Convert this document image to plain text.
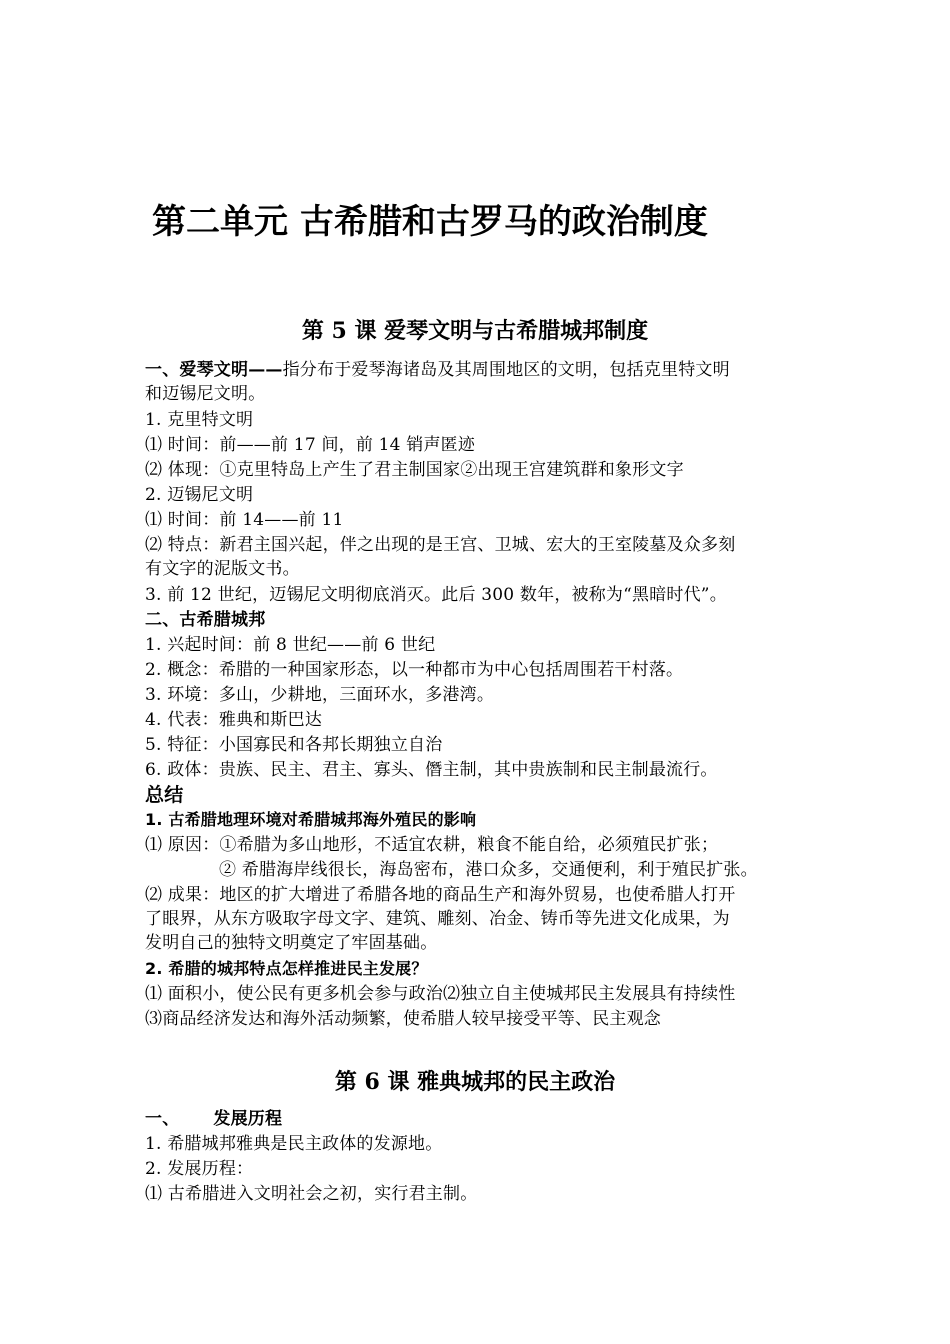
第二单元 古希腊和古罗马的政治制度
第 5 课 爱琴文明与古希腊城邦制度

一、爱琴文明——指分布于爱琴海诸岛及其周围地区的文明，包括克里特文明

和迈锡尼文明。

1. 克里特文明

⑴ 时间：前——前 17 间，前 14 销声匿迹

⑵ 体现：①克里特岛上产生了君主制国家②出现王宫建筑群和象形文字

2. 迈锡尼文明

⑴ 时间：前 14——前 11

⑵ 特点：新君主国兴起，伴之出现的是王宫、卫城、宏大的王室陵墓及众多刻

有文字的泥版文书。

3. 前 12 世纪，迈锡尼文明彻底消灭。此后 300 数年，被称为“黑暗时代”。

二、古希腊城邦

1. 兴起时间：前 8 世纪——前 6 世纪

2. 概念：希腊的一种国家形态，以一种都市为中心包括周围若干村落。

3. 环境：多山，少耕地，三面环水，多港湾。

4. 代表：雅典和斯巴达

5. 特征：小国寡民和各邦长期独立自治

6. 政体：贵族、民主、君主、寡头、僭主制，其中贵族制和民主制最流行。

总结

1. 古希腊地理环境对希腊城邦海外殖民的影响

⑴ 原因：①希腊为多山地形，不适宜农耕，粮食不能自给，必须殖民扩张；

② 希腊海岸线很长，海岛密布，港口众多，交通便利，利于殖民扩张。

⑵ 成果：地区的扩大增进了希腊各地的商品生产和海外贸易，也使希腊人打开

了眼界，从东方吸取字母文字、建筑、雕刻、冶金、铸币等先进文化成果，为

发明自己的独特文明奠定了牢固基础。

2. 希腊的城邦特点怎样推进民主发展？

⑴ 面积小，使公民有更多机会参与政治⑵独立自主使城邦民主发展具有持续性

⑶商品经济发达和海外活动频繁，使希腊人较早接受平等、民主观念

第 6 课 雅典城邦的民主政治

一、 发展历程

1. 希腊城邦雅典是民主政体的发源地。

2. 发展历程：

⑴ 古希腊进入文明社会之初，实行君主制。
